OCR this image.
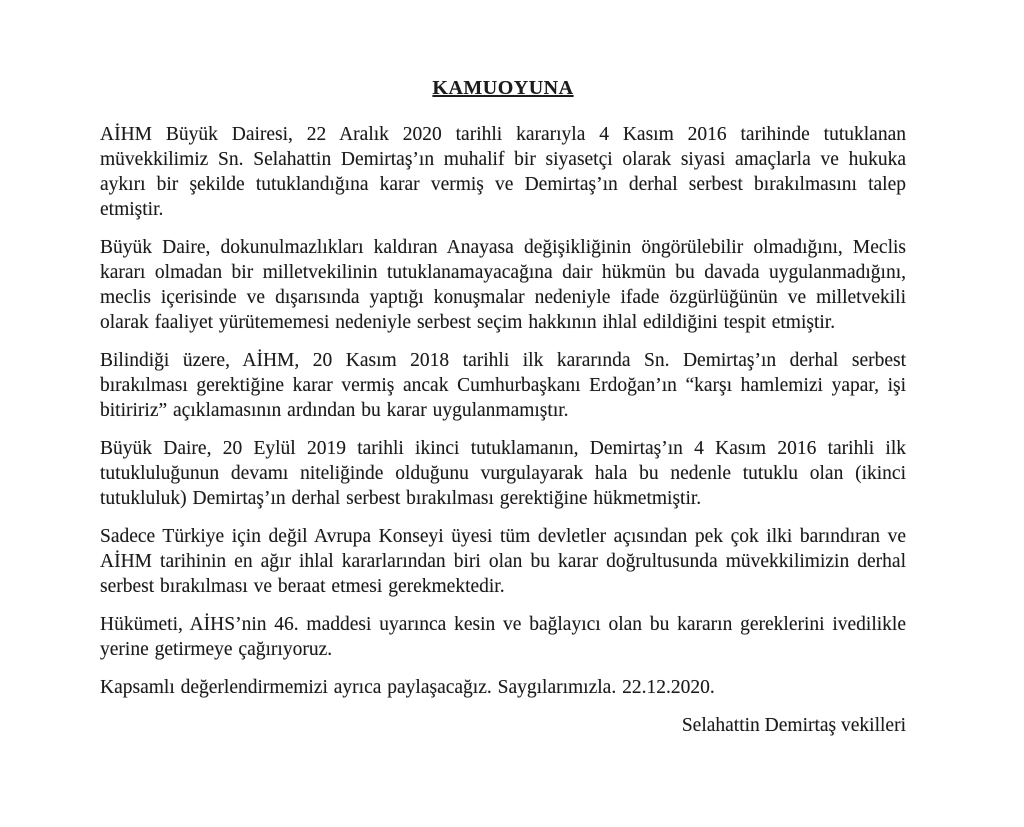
KAMUOYUNA

AİHM Büyük Dairesi, 22 Aralık 2020 tarihli kararıyla 4 Kasım 2016 tarihinde tutuklanan müvekkilimiz Sn. Selahattin Demirtaş’ın muhalif bir siyasetçi olarak siyasi amaçlarla ve hukuka aykırı bir şekilde tutuklandığına karar vermiş ve Demirtaş’ın derhal serbest bırakılmasını talep etmiştir.

Büyük Daire, dokunulmazlıkları kaldıran Anayasa değişikliğinin öngörülebilir olmadığını, Meclis kararı olmadan bir milletvekilinin tutuklanamayacağına dair hükmün bu davada uygulanmadığını, meclis içerisinde ve dışarısında yaptığı konuşmalar nedeniyle ifade özgürlüğünün ve milletvekili olarak faaliyet yürütememesi nedeniyle serbest seçim hakkının ihlal edildiğini tespit etmiştir.

Bilindiği üzere, AİHM, 20 Kasım 2018 tarihli ilk kararında Sn. Demirtaş’ın derhal serbest bırakılması gerektiğine karar vermiş ancak Cumhurbaşkanı Erdoğan’ın “karşı hamlemizi yapar, işi bitiririz” açıklamasının ardından bu karar uygulanmamıştır.

Büyük Daire, 20 Eylül 2019 tarihli ikinci tutuklamanın, Demirtaş’ın 4 Kasım 2016 tarihli ilk tutukluluğunun devamı niteliğinde olduğunu vurgulayarak hala bu nedenle tutuklu olan (ikinci tutukluluk) Demirtaş’ın derhal serbest bırakılması gerektiğine hükmetmiştir.

Sadece Türkiye için değil Avrupa Konseyi üyesi tüm devletler açısından pek çok ilki barındıran ve AİHM tarihinin en ağır ihlal kararlarından biri olan bu karar doğrultusunda müvekkilimizin derhal serbest bırakılması ve beraat etmesi gerekmektedir.

Hükümeti, AİHS’nin 46. maddesi uyarınca kesin ve bağlayıcı olan bu kararın gereklerini ivedilikle yerine getirmeye çağırıyoruz.

Kapsamlı değerlendirmemizi ayrıca paylaşacağız. Saygılarımızla. 22.12.2020.

Selahattin Demirtaş vekilleri
